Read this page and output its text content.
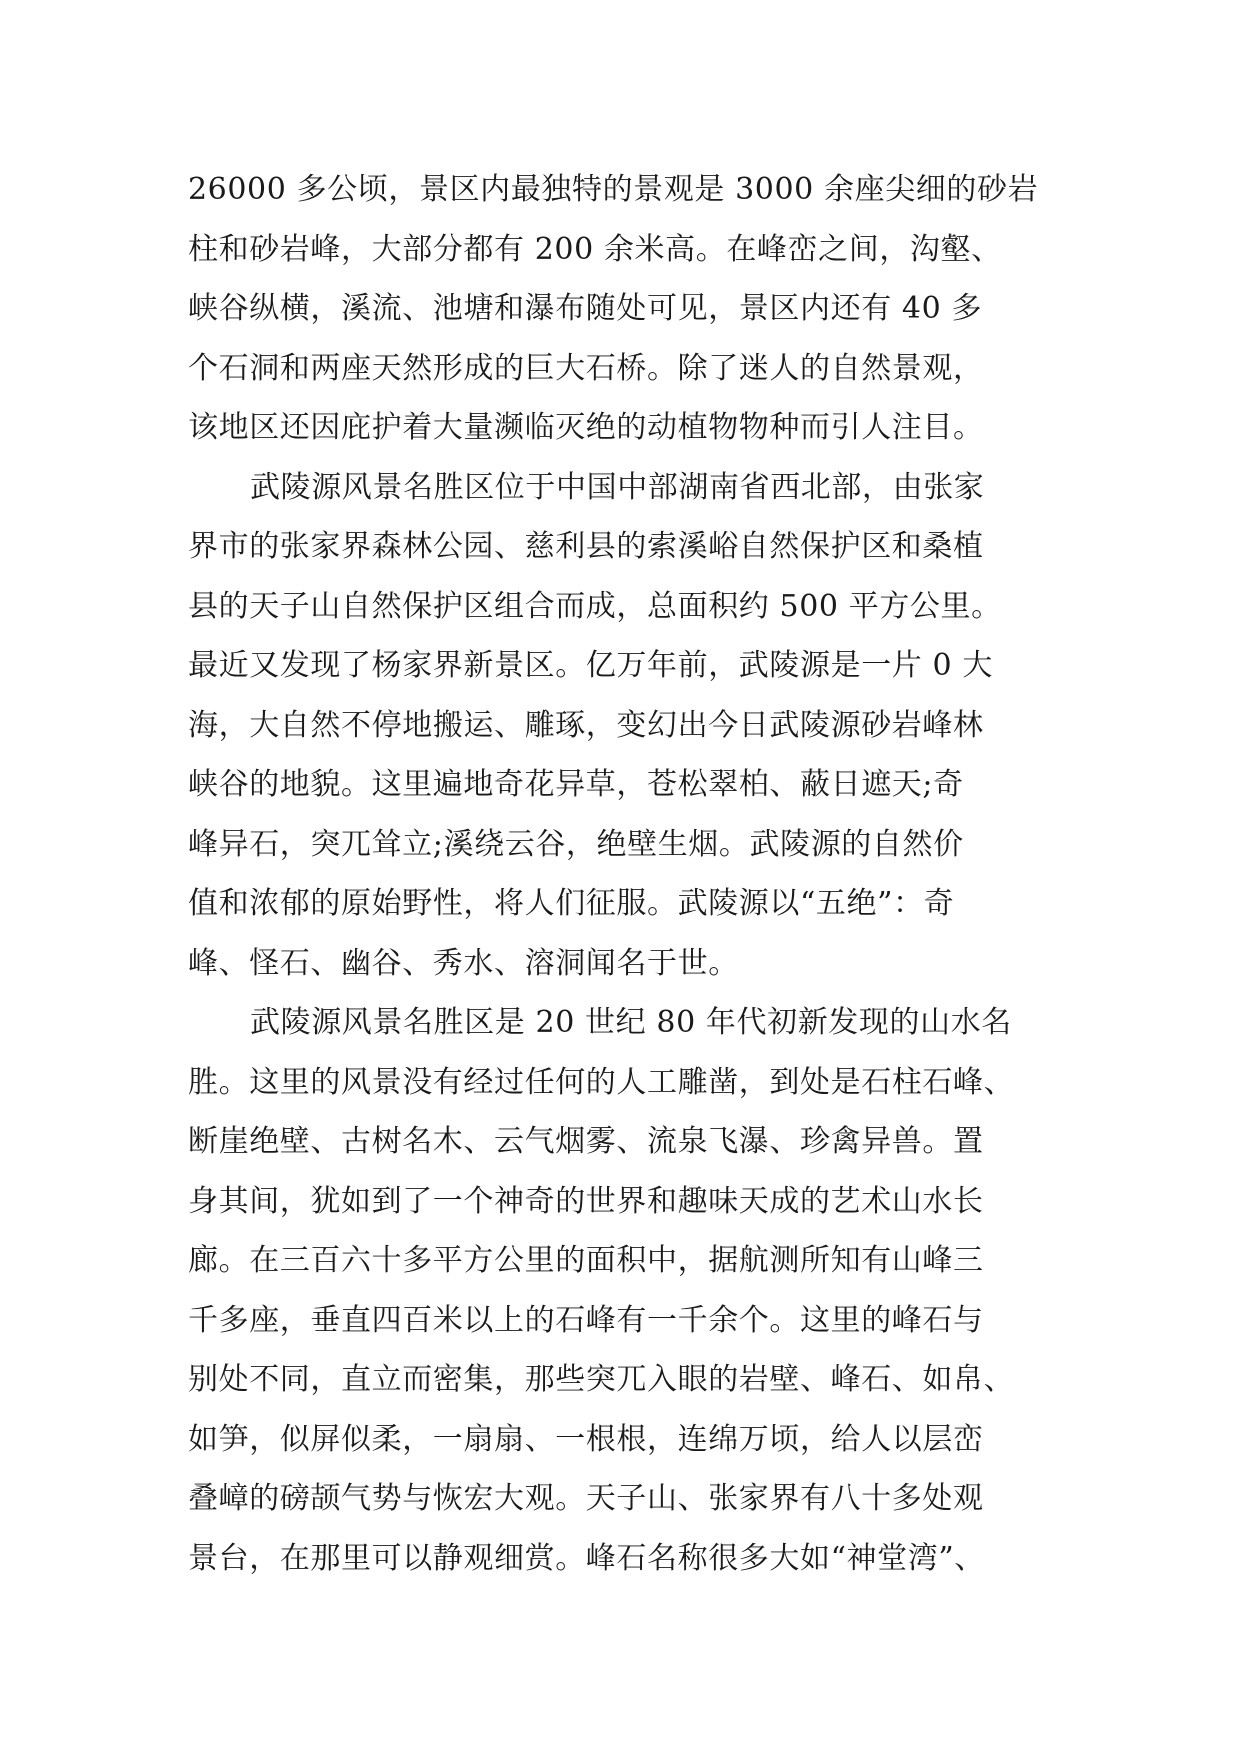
26000 多公顷，景区内最独特的景观是 3000 余座尖细的砂岩
柱和砂岩峰，大部分都有 200 余米高。在峰峦之间，沟壑、
峡谷纵横，溪流、池塘和瀑布随处可见，景区内还有 40 多
个石洞和两座天然形成的巨大石桥。除了迷人的自然景观，
该地区还因庇护着大量濒临灭绝的动植物物种而引人注目。
武陵源风景名胜区位于中国中部湖南省西北部，由张家
界市的张家界森林公园、慈利县的索溪峪自然保护区和桑植
县的天子山自然保护区组合而成，总面积约 500 平方公里。
最近又发现了杨家界新景区。亿万年前，武陵源是一片 0 大
海，大自然不停地搬运、雕琢，变幻出今日武陵源砂岩峰林
峡谷的地貌。这里遍地奇花异草，苍松翠柏、蔽日遮天;奇
峰异石，突兀耸立;溪绕云谷，绝壁生烟。武陵源的自然价
值和浓郁的原始野性，将人们征服。武陵源以“五绝”：奇
峰、怪石、幽谷、秀水、溶洞闻名于世。
武陵源风景名胜区是 20 世纪 80 年代初新发现的山水名
胜。这里的风景没有经过任何的人工雕凿，到处是石柱石峰、
断崖绝壁、古树名木、云气烟雾、流泉飞瀑、珍禽异兽。置
身其间，犹如到了一个神奇的世界和趣味天成的艺术山水长
廊。在三百六十多平方公里的面积中，据航测所知有山峰三
千多座，垂直四百米以上的石峰有一千余个。这里的峰石与
别处不同，直立而密集，那些突兀入眼的岩壁、峰石、如帛、
如笋，似屏似柔，一扇扇、一根根，连绵万顷，给人以层峦
叠嶂的磅颉气势与恢宏大观。天子山、张家界有八十多处观
景台，在那里可以静观细赏。峰石名称很多大如“神堂湾”、
